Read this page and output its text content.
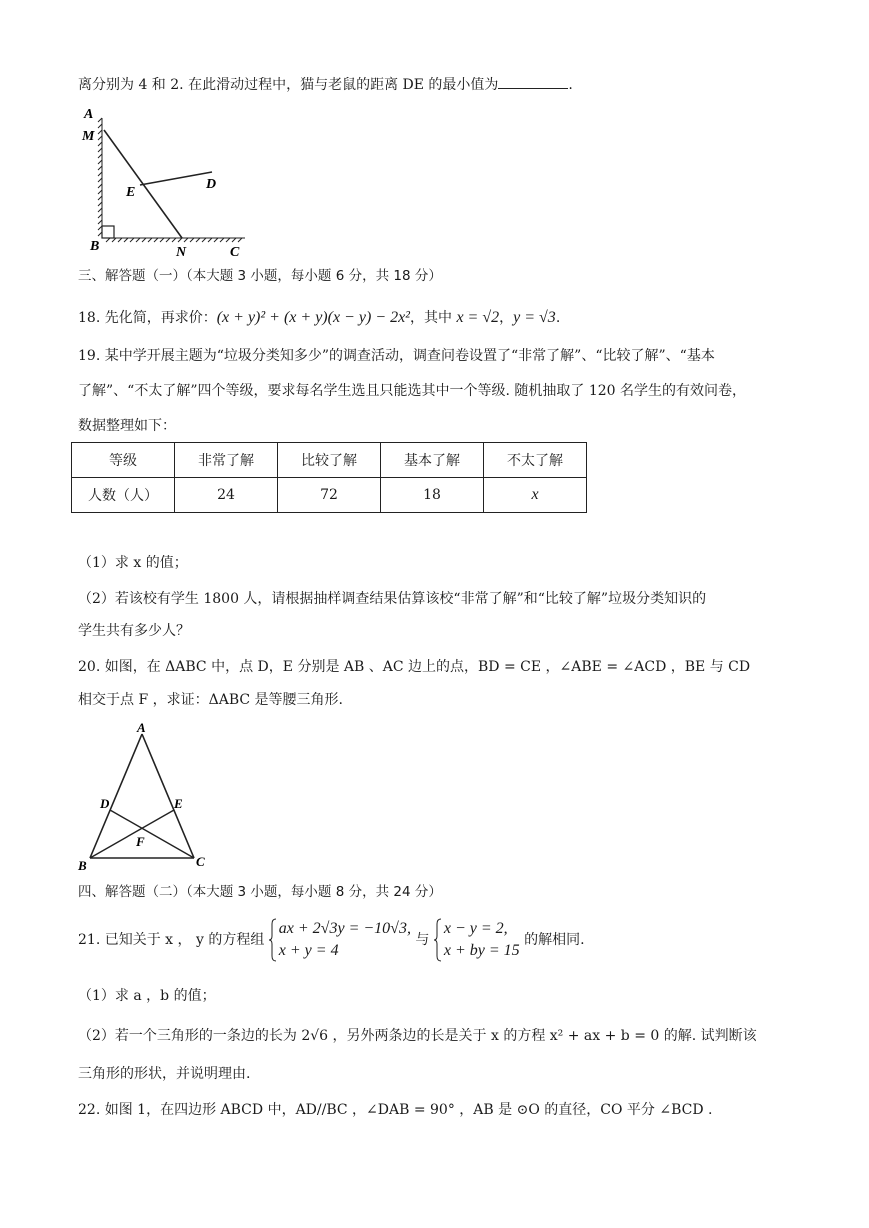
离分别为 4 和 2. 在此滑动过程中，猫与老鼠的距离 DE 的最小值为	.
A
M
E
D
B	N	C
三、解答题（一）（本大题 3 小题，每小题 6 分，共 18 分）
18. 先化简，再求价：(x + y)² + (x + y)(x − y) − 2x²，其中 x = √2，y = √3.
19. 某中学开展主题为“垃圾分类知多少”的调查活动，调查问卷设置了“非常了解”、“比较了解”、“基本
了解”、“不太了解”四个等级，要求每名学生选且只能选其中一个等级. 随机抽取了 120 名学生的有效问卷，
数据整理如下：
等级	非常了解	比较了解	基本了解	不太了解
人数（人）	24	72	18	x
（1）求 x 的值；
（2）若该校有学生 1800 人，请根据抽样调查结果估算该校“非常了解”和“比较了解”垃圾分类知识的
学生共有多少人？
20. 如图，在 ΔABC 中，点 D，E 分别是 AB 、AC 边上的点，BD = CE ，∠ABE = ∠ACD ，BE 与 CD
相交于点 F ，求证：ΔABC 是等腰三角形.
A
D	E
F
B	C
四、解答题（二）（本大题 3 小题，每小题 8 分，共 24 分）
21. 已知关于 x ， y 的方程组
ax + 2√3y = −10√3,
x + y = 4
与
x − y = 2,
x + by = 15
的解相同.
（1）求 a ，b 的值；
（2）若一个三角形的一条边的长为 2√6 ，另外两条边的长是关于 x 的方程 x² + ax + b = 0 的解. 试判断该
三角形的形状，并说明理由.
22. 如图 1，在四边形 ABCD 中，AD//BC ，∠DAB = 90° ，AB 是 ⊙O 的直径，CO 平分 ∠BCD .
